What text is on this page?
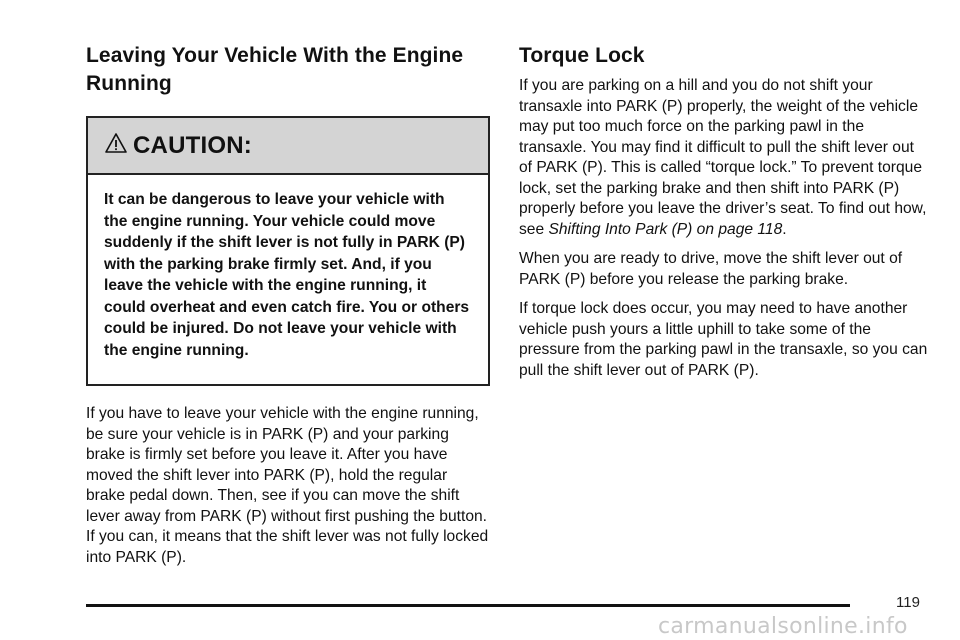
Leaving Your Vehicle With the Engine Running
CAUTION:
It can be dangerous to leave your vehicle with the engine running. Your vehicle could move suddenly if the shift lever is not fully in PARK (P) with the parking brake firmly set. And, if you leave the vehicle with the engine running, it could overheat and even catch fire. You or others could be injured. Do not leave your vehicle with the engine running.

If you have to leave your vehicle with the engine running, be sure your vehicle is in PARK (P) and your parking brake is firmly set before you leave it. After you have moved the shift lever into PARK (P), hold the regular brake pedal down. Then, see if you can move the shift lever away from PARK (P) without first pushing the button. If you can, it means that the shift lever was not fully locked into PARK (P).

Torque Lock

If you are parking on a hill and you do not shift your transaxle into PARK (P) properly, the weight of the vehicle may put too much force on the parking pawl in the transaxle. You may find it difficult to pull the shift lever out of PARK (P). This is called “torque lock.” To prevent torque lock, set the parking brake and then shift into PARK (P) properly before you leave the driver’s seat. To find out how, see Shifting Into Park (P) on page 118.

When you are ready to drive, move the shift lever out of PARK (P) before you release the parking brake.

If torque lock does occur, you may need to have another vehicle push yours a little uphill to take some of the pressure from the parking pawl in the transaxle, so you can pull the shift lever out of PARK (P).

119
carmanualsonline.info
